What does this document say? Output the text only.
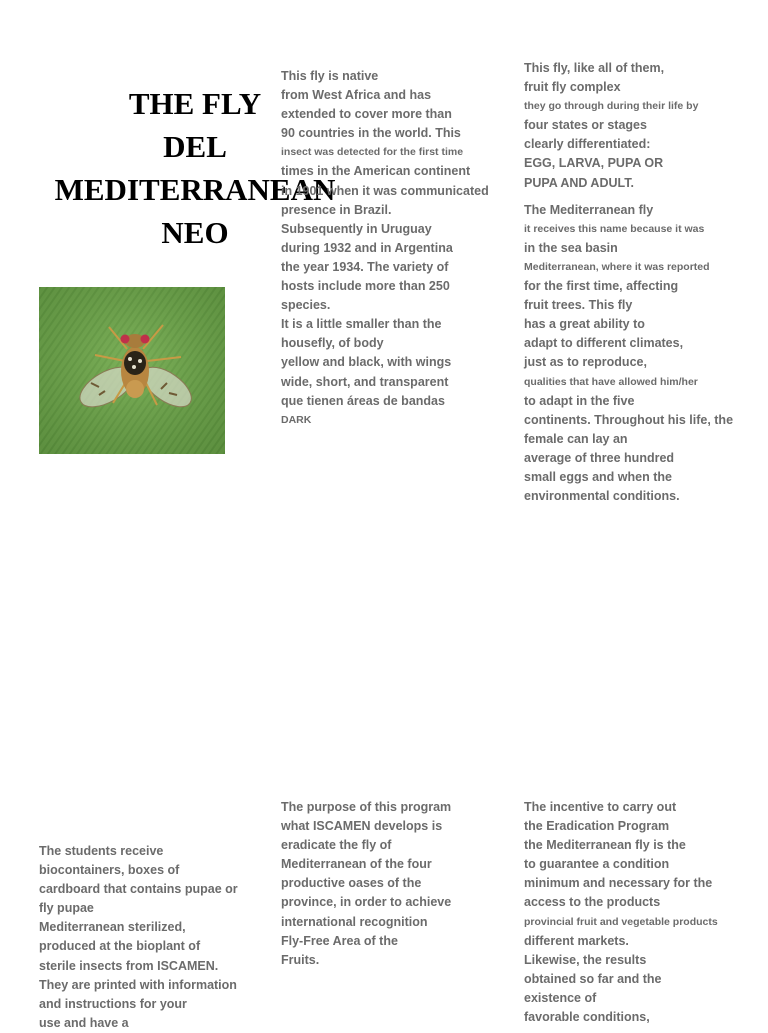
THE FLY
DEL
MEDITERRANEAN
NEO
This fly is native
from West Africa and has
extended to cover more than
90 countries in the world. This
insect was detected for the first time
times in the American continent
in 1901 when it was communicated
presence in Brazil.
Subsequently in Uruguay
during 1932 and in Argentina
the year 1934. The variety of
hosts include more than 250
species.
It is a little smaller than the
housefly, of body
yellow and black, with wings
wide, short, and transparent
que tienen áreas de bandas
DARK
This fly, like all of them,
fruit fly complex
they go through during their life by
four states or stages
clearly differentiated:
EGG, LARVA, PUPA OR
PUPA AND ADULT.
The Mediterranean fly
it receives this name because it was
in the sea basin
Mediterranean, where it was reported
for the first time, affecting
fruit trees. This fly
has a great ability to
adapt to different climates,
just as to reproduce,
qualities that have allowed him/her
to adapt in the five
continents. Throughout his life, the
female can lay an
average of three hundred
small eggs and when the
environmental conditions.
The students receive
biocontainers, boxes of
cardboard that contains pupae or
fly pupae
Mediterranean sterilized,
produced at the bioplant of
sterile insects from ISCAMEN.
They are printed with information
and instructions for your
use and have a
The purpose of this program
what ISCAMEN develops is
eradicate the fly of
Mediterranean of the four
productive oases of the
province, in order to achieve
international recognition
Fly-Free Area of the
Fruits.
The incentive to carry out
the Eradication Program
the Mediterranean fly is the
to guarantee a condition
minimum and necessary for the
access to the products
provincial fruit and vegetable products
different markets.
Likewise, the results
obtained so far and the
existence of
favorable conditions,
